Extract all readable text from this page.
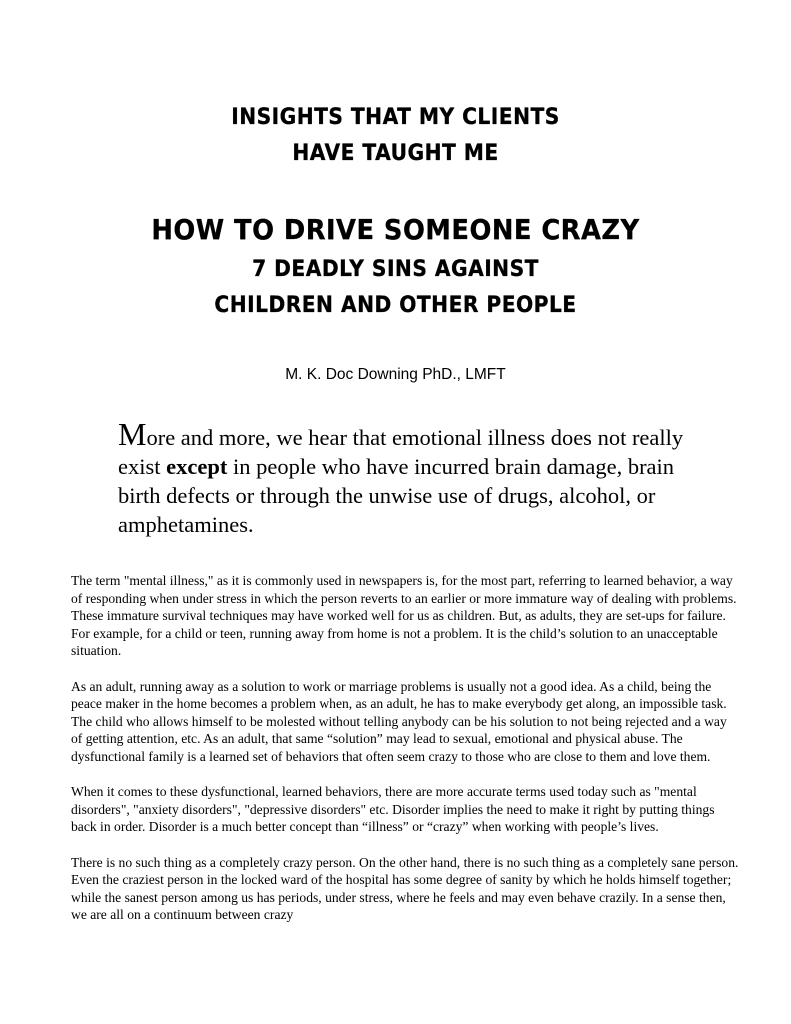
INSIGHTS THAT MY CLIENTS
HAVE TAUGHT ME
HOW TO DRIVE SOMEONE CRAZY
7 DEADLY SINS AGAINST
CHILDREN AND OTHER PEOPLE

M. K. Doc Downing PhD., LMFT

More and more, we hear that emotional illness does not really exist except in people who have incurred brain damage, brain birth defects or through the unwise use of drugs, alcohol, or amphetamines.

The term "mental illness," as it is commonly used in newspapers is, for the most part, referring to learned behavior, a way of responding when under stress in which the person reverts to an earlier or more immature way of dealing with problems. These immature survival techniques may have worked well for us as children. But, as adults, they are set-ups for failure. For example, for a child or teen, running away from home is not a problem. It is the child’s solution to an unacceptable situation.

As an adult, running away as a solution to work or marriage problems is usually not a good idea. As a child, being the peace maker in the home becomes a problem when, as an adult, he has to make everybody get along, an impossible task. The child who allows himself to be molested without telling anybody can be his solution to not being rejected and a way of getting attention, etc. As an adult, that same “solution” may lead to sexual, emotional and physical abuse. The dysfunctional family is a learned set of behaviors that often seem crazy to those who are close to them and love them.

When it comes to these dysfunctional, learned behaviors, there are more accurate terms used today such as "mental disorders", "anxiety disorders", "depressive disorders" etc. Disorder implies the need to make it right by putting things back in order. Disorder is a much better concept than “illness” or “crazy” when working with people’s lives.

There is no such thing as a completely crazy person. On the other hand, there is no such thing as a completely sane person. Even the craziest person in the locked ward of the hospital has some degree of sanity by which he holds himself together; while the sanest person among us has periods, under stress, where he feels and may even behave crazily. In a sense then, we are all on a continuum between crazy
